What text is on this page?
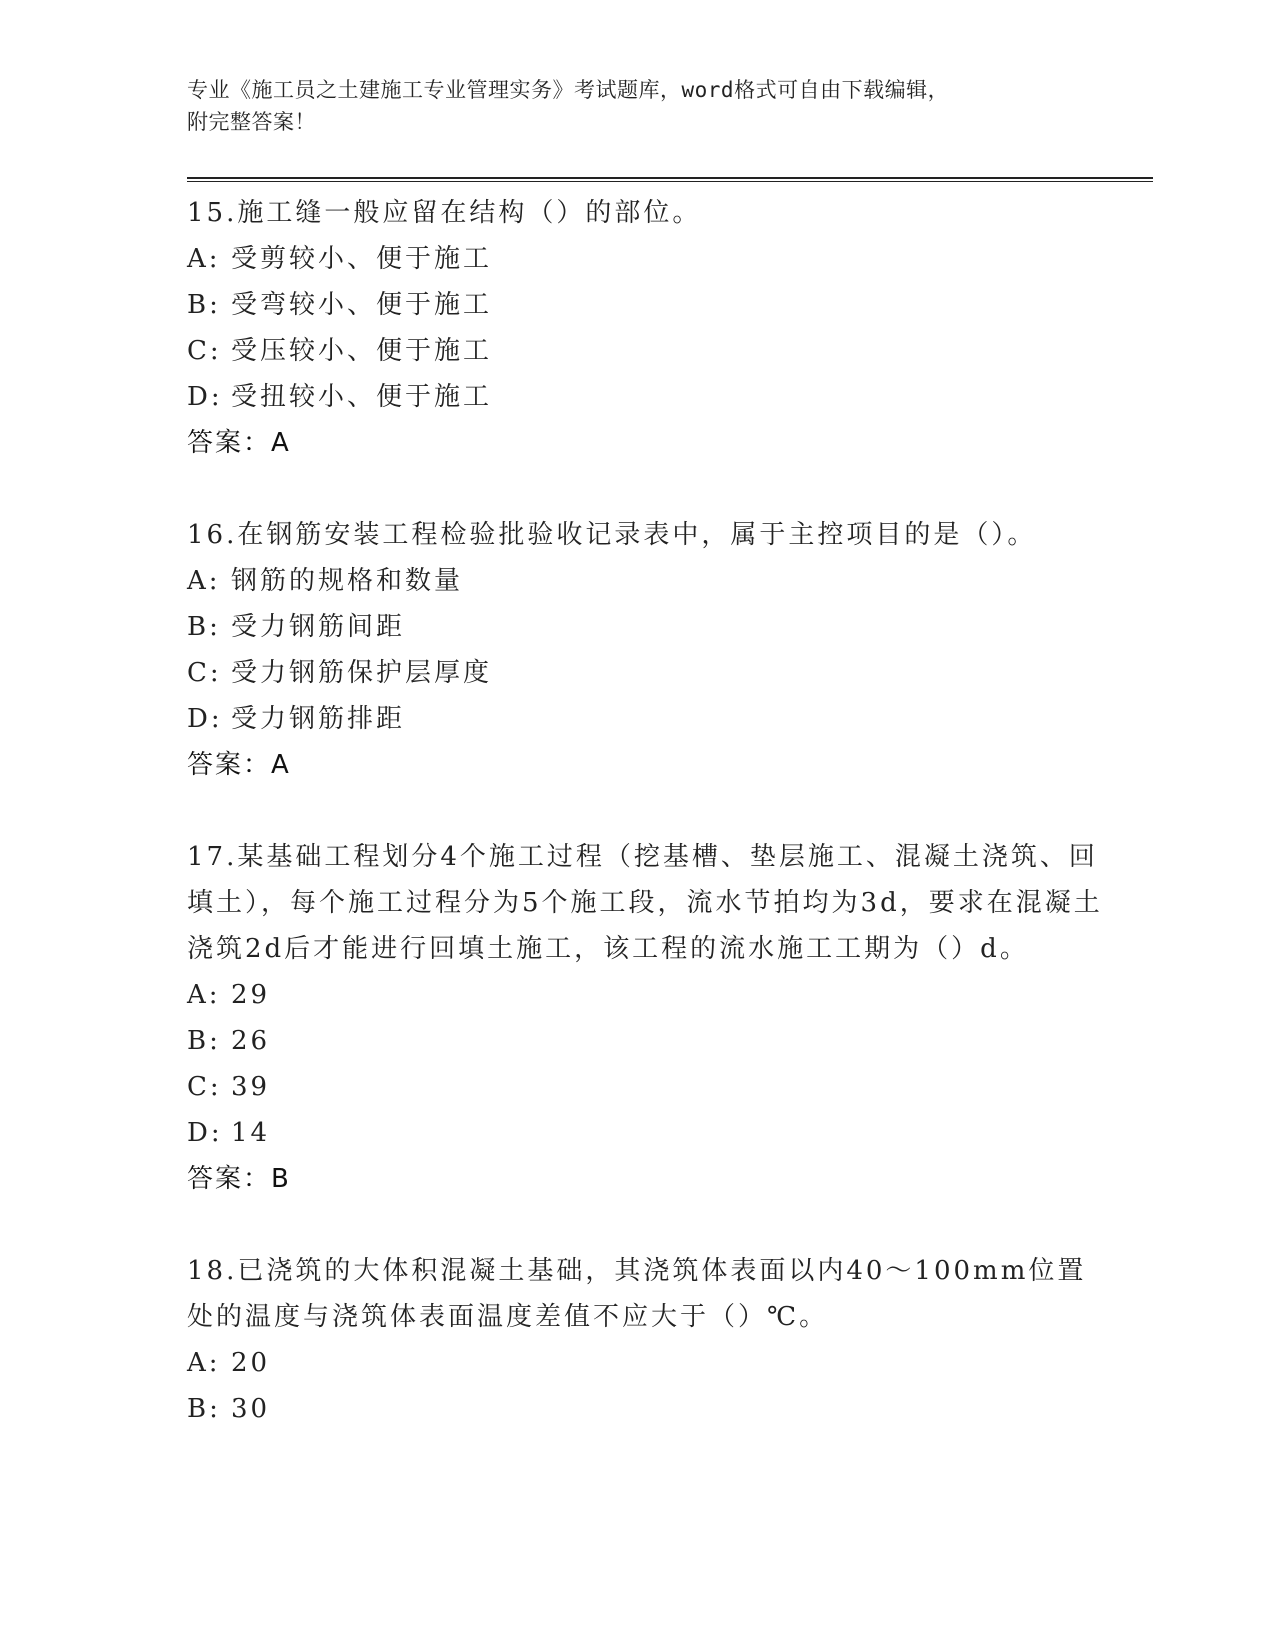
专业《施工员之土建施工专业管理实务》考试题库，word格式可自由下载编辑，
附完整答案！
15.施工缝一般应留在结构（）的部位。
A: 受剪较小、便于施工
B: 受弯较小、便于施工
C: 受压较小、便于施工
D: 受扭较小、便于施工
答案：A
16.在钢筋安装工程检验批验收记录表中，属于主控项目的是（）。
A: 钢筋的规格和数量
B: 受力钢筋间距
C: 受力钢筋保护层厚度
D: 受力钢筋排距
答案：A
17.某基础工程划分4个施工过程（挖基槽、垫层施工、混凝土浇筑、回填土），每个施工过程分为5个施工段，流水节拍均为3d，要求在混凝土浇筑2d后才能进行回填土施工，该工程的流水施工工期为（）d。
A: 29
B: 26
C: 39
D: 14
答案：B
18.已浇筑的大体积混凝土基础，其浇筑体表面以内40～100mm位置处的温度与浇筑体表面温度差值不应大于（）℃。
A: 20
B: 30
